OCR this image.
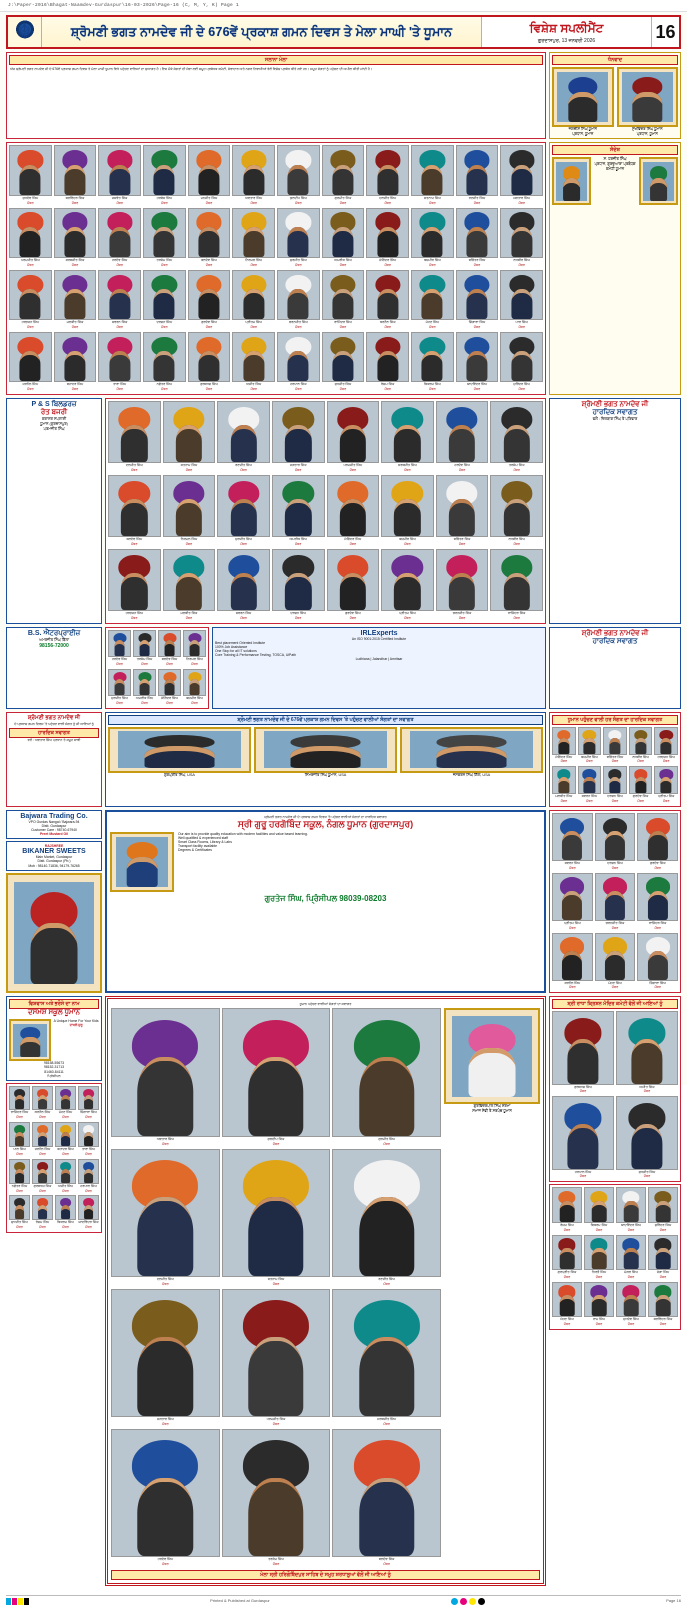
J:\Paper-2016\Bhagat-Naamdev-Gurdaspur\16-03-2026\Page-16 (C, M, Y, K) Page 1
☬
ਸ਼੍ਰੋਮਣੀ ਭਗਤ ਨਾਮਦੇਵ ਜੀ ਦੇ 676ਵੇਂ ਪ੍ਰਕਾਸ਼ ਗਮਨ ਦਿਵਸ ਤੇ ਮੇਲਾ ਮਾਘੀ 'ਤੇ ਧੂਮਾਨ	ਵਿਸ਼ੇਸ਼ ਸਪਲੀਮੈਂਟ
ਗੁਰਦਾਸਪੁਰ, 13 ਜਨਵਰੀ 2026	16
ਸਲਾਨਾ ਮੇਲਾ
ਅੱਜ ਸ਼੍ਰੋਮਣੀ ਭਗਤ ਨਾਮਦੇਵ ਜੀ ਦੇ 676ਵੇਂ ਪ੍ਰਕਾਸ਼ ਗਮਨ ਦਿਵਸ ਤੇ ਮੇਲਾ ਮਾਘੀ ਧੂਮਾਨ ਵਿਖੇ ਪਹੁੰਚਣ ਵਾਲਿਆਂ ਦਾ ਸੁਆਗਤ ਹੈ। ਇਸ ਮੌਕੇ ਸੰਗਤਾਂ ਦੀ ਸੇਵਾ ਲਈ ਸਮੂਹ ਪ੍ਰਬੰਧਕ ਕਮੇਟੀ, ਸੇਵਾਦਾਰ ਅਤੇ ਨਗਰ ਨਿਵਾਸੀਆਂ ਵੱਲੋਂ ਵਿਸ਼ੇਸ਼ ਪ੍ਰਬੰਧ ਕੀਤੇ ਗਏ ਹਨ। ਸਮੂਹ ਸੰਗਤਾਂ ਨੂੰ ਪਹੁੰਚਣ ਦੀ ਅਪੀਲ ਕੀਤੀ ਜਾਂਦੀ ਹੈ।
ਧੰਨਵਾਦ
ਜਗਦੀਸ਼ ਸਿੰਘ ਧੂਮਾਨ
ਪ੍ਰਧਾਨ, ਧੂਮਾਨ
ਸੁਖਵਿੰਦਰ ਸਿੰਘ ਧੂਮਾਨ
ਪ੍ਰਧਾਨ, ਧੂਮਾਨ
ਸੁਖਦੇਵ ਸਿੰਘ
ਮੈਂਬਰ
ਬਲਵਿੰਦਰ ਸਿੰਘ
ਮੈਂਬਰ
ਜਸਵੰਤ ਸਿੰਘ
ਮੈਂਬਰ
ਹਰਬੰਸ ਸਿੰਘ
ਮੈਂਬਰ
ਮਨਜੀਤ ਸਿੰਘ
ਮੈਂਬਰ
ਅਵਤਾਰ ਸਿੰਘ
ਮੈਂਬਰ
ਕੁਲਦੀਪ ਸਿੰਘ
ਮੈਂਬਰ
ਗੁਰਮੀਤ ਸਿੰਘ
ਮੈਂਬਰ
ਦਲਜੀਤ ਸਿੰਘ
ਮੈਂਬਰ
ਸਤਨਾਮ ਸਿੰਘ
ਮੈਂਬਰ
ਰਣਜੀਤ ਸਿੰਘ
ਮੈਂਬਰ
ਜਗਤਾਰ ਸਿੰਘ
ਮੈਂਬਰ
ਪਰਮਜੀਤ ਸਿੰਘ
ਮੈਂਬਰ
ਸਰਬਜੀਤ ਸਿੰਘ
ਮੈਂਬਰ
ਹਰਦੇਵ ਸਿੰਘ
ਮੈਂਬਰ
ਤਰਸੇਮ ਸਿੰਘ
ਮੈਂਬਰ
ਬਲਦੇਵ ਸਿੰਘ
ਮੈਂਬਰ
ਨਿਰਮਲ ਸਿੰਘ
ਮੈਂਬਰ
ਸੁਰਜੀਤ ਸਿੰਘ
ਮੈਂਬਰ
ਅਮਰੀਕ ਸਿੰਘ
ਮੈਂਬਰ
ਜੋਗਿੰਦਰ ਸਿੰਘ
ਮੈਂਬਰ
ਕਸ਼ਮੀਰ ਸਿੰਘ
ਮੈਂਬਰ
ਬਚਿੱਤਰ ਸਿੰਘ
ਮੈਂਬਰ
ਲਖਬੀਰ ਸਿੰਘ
ਮੈਂਬਰ
ਹਰਭਜਨ ਸਿੰਘ
ਮੈਂਬਰ
ਮਲਕੀਤ ਸਿੰਘ
ਮੈਂਬਰ
ਸਵਰਨ ਸਿੰਘ
ਮੈਂਬਰ
ਦਰਸ਼ਨ ਸਿੰਘ
ਮੈਂਬਰ
ਗੁਰਦੇਵ ਸਿੰਘ
ਮੈਂਬਰ
ਪ੍ਰੀਤਮ ਸਿੰਘ
ਮੈਂਬਰ
ਚਰਨਜੀਤ ਸਿੰਘ
ਮੈਂਬਰ
ਰਾਜਿੰਦਰ ਸਿੰਘ
ਮੈਂਬਰ
ਕਰਨੈਲ ਸਿੰਘ
ਮੈਂਬਰ
ਮੋਹਣ ਸਿੰਘ
ਮੈਂਬਰ
ਸ਼ਿੰਗਾਰਾ ਸਿੰਘ
ਮੈਂਬਰ
ਪਾਲ ਸਿੰਘ
ਮੈਂਬਰ
ਜਰਨੈਲ ਸਿੰਘ
ਮੈਂਬਰ
ਬਹਾਦਰ ਸਿੰਘ
ਮੈਂਬਰ
ਤਾਰਾ ਸਿੰਘ
ਮੈਂਬਰ
ਨਛੱਤਰ ਸਿੰਘ
ਮੈਂਬਰ
ਗੁਰਬਖਸ਼ ਸਿੰਘ
ਮੈਂਬਰ
ਅਜੀਤ ਸਿੰਘ
ਮੈਂਬਰ
ਹਰਪਾਲ ਸਿੰਘ
ਮੈਂਬਰ
ਸੁਖਜੀਤ ਸਿੰਘ
ਮੈਂਬਰ
ਰੇਸ਼ਮ ਸਿੰਘ
ਮੈਂਬਰ
ਬਿਕਰਮ ਸਿੰਘ
ਮੈਂਬਰ
ਯਾਦਵਿੰਦਰ ਸਿੰਘ
ਮੈਂਬਰ
ਸੁਰਿੰਦਰ ਸਿੰਘ
ਮੈਂਬਰ
ਸੰਦੇਸ਼
ਸ. ਹਰਜੀਤ ਸਿੰਘ
ਪ੍ਰਧਾਨ, ਗੁਰਦੁਆਰਾ ਪ੍ਰਬੰਧਕ ਕਮੇਟੀ ਧੂਮਾਨ
P & S ਬਿਲਡਰਜ਼
ਰੇਤ ਬਜਰੀ
ਕਰਾਸ਼ਰ ਸਪਲਾਈ
ਧੂਮਾਨ (ਗੁਰਦਾਸਪੁਰ)
ਪਰਮਜੀਤ ਸਿੰਘ
ਦਲਜੀਤ ਸਿੰਘ
ਮੈਂਬਰ
ਸਤਨਾਮ ਸਿੰਘ
ਮੈਂਬਰ
ਰਣਜੀਤ ਸਿੰਘ
ਮੈਂਬਰ
ਜਗਤਾਰ ਸਿੰਘ
ਮੈਂਬਰ
ਪਰਮਜੀਤ ਸਿੰਘ
ਮੈਂਬਰ
ਸਰਬਜੀਤ ਸਿੰਘ
ਮੈਂਬਰ
ਹਰਦੇਵ ਸਿੰਘ
ਮੈਂਬਰ
ਤਰਸੇਮ ਸਿੰਘ
ਮੈਂਬਰ
ਬਲਦੇਵ ਸਿੰਘ
ਮੈਂਬਰ
ਨਿਰਮਲ ਸਿੰਘ
ਮੈਂਬਰ
ਸੁਰਜੀਤ ਸਿੰਘ
ਮੈਂਬਰ
ਅਮਰੀਕ ਸਿੰਘ
ਮੈਂਬਰ
ਜੋਗਿੰਦਰ ਸਿੰਘ
ਮੈਂਬਰ
ਕਸ਼ਮੀਰ ਸਿੰਘ
ਮੈਂਬਰ
ਬਚਿੱਤਰ ਸਿੰਘ
ਮੈਂਬਰ
ਲਖਬੀਰ ਸਿੰਘ
ਮੈਂਬਰ
ਹਰਭਜਨ ਸਿੰਘ
ਮੈਂਬਰ
ਮਲਕੀਤ ਸਿੰਘ
ਮੈਂਬਰ
ਸਵਰਨ ਸਿੰਘ
ਮੈਂਬਰ
ਦਰਸ਼ਨ ਸਿੰਘ
ਮੈਂਬਰ
ਗੁਰਦੇਵ ਸਿੰਘ
ਮੈਂਬਰ
ਪ੍ਰੀਤਮ ਸਿੰਘ
ਮੈਂਬਰ
ਚਰਨਜੀਤ ਸਿੰਘ
ਮੈਂਬਰ
ਰਾਜਿੰਦਰ ਸਿੰਘ
ਮੈਂਬਰ
ਸ਼੍ਰੋਮਣੀ ਭਗਤ ਨਾਮਦੇਵ ਜੀ
ਹਾਰਦਿਕ ਸਵਾਗਤ
ਵਲੋਂ : ਦਿਲਬਾਗ ਸਿੰਘ ਤੇ ਪਰਿਵਾਰ
B.S. ਐਂਟਰਪ੍ਰਾਈਜ਼
ਅਮਰਜੀਤ ਸਿੰਘ ਬਿੱਲਾ
98156-72000
ਹਰਦੇਵ ਸਿੰਘ
ਮੈਂਬਰ
ਤਰਸੇਮ ਸਿੰਘ
ਮੈਂਬਰ
ਬਲਦੇਵ ਸਿੰਘ
ਮੈਂਬਰ
ਨਿਰਮਲ ਸਿੰਘ
ਮੈਂਬਰ
ਸੁਰਜੀਤ ਸਿੰਘ
ਮੈਂਬਰ
ਅਮਰੀਕ ਸਿੰਘ
ਮੈਂਬਰ
ਜੋਗਿੰਦਰ ਸਿੰਘ
ਮੈਂਬਰ
ਕਸ਼ਮੀਰ ਸਿੰਘ
ਮੈਂਬਰ
IRLExperts
An ISO 9001:2015 Certified Institute
Best placement Oriented Institute
100% Job Assistance
One Stop for all IT solutions
Core Training & Performance Testing, TOSCA, UiPath
Ludhiana | Jalandhar | Amritsar
ਸ਼੍ਰੋਮਣੀ ਭਗਤ ਨਾਮਦੇਵ ਜੀ
ਹਾਰਦਿਕ ਸਵਾਗਤ
ਸ਼੍ਰੋਮਣੀ ਭਗਤ ਨਾਮਦੇਵ ਜੀ
ਦੇ ਪ੍ਰਕਾਸ਼ ਗਮਨ ਦਿਵਸ 'ਤੇ ਪਹੁੰਚਣ ਵਾਲੀ ਸੰਗਤ ਨੂੰ ਜੀ ਆਇਆਂ ਨੂੰ
ਹਾਰਦਿਕ ਸਵਾਗਤ
ਵਲੋਂ : ਅਵਤਾਰ ਸਿੰਘ ਪ੍ਰਧਾਨ ਤੇ ਸਮੂਹ ਸਾਥੀ
ਸ਼੍ਰੋਮਣੀ ਭਗਤ ਨਾਮਦੇਵ ਜੀ ਦੇ 676ਵੇਂ ਪ੍ਰਕਾਸ਼ ਗਮਨ ਦਿਵਸ 'ਤੇ ਪਹੁੰਚਣ ਵਾਲੀਆਂ ਸੰਗਤਾਂ ਦਾ ਸਵਾਗਤ
ਗੁਰਪ੍ਰੀਤ ਸਿੰਘ, USA	ਸਿਮਰਜੀਤ ਸਿੰਘ ਧੂਮਾਨ, USA	ਜਸਕਰਨ ਸਿੰਘ ਗਿੱਲ, USA
ਧੂਮਾਨ ਪਹੁੰਚਣ ਵਾਲੀ ਹਰ ਸੰਗਤ ਦਾ ਹਾਰਦਿਕ ਸਵਾਗਤ
ਜੋਗਿੰਦਰ ਸਿੰਘ
ਮੈਂਬਰ
ਕਸ਼ਮੀਰ ਸਿੰਘ
ਮੈਂਬਰ
ਬਚਿੱਤਰ ਸਿੰਘ
ਮੈਂਬਰ
ਲਖਬੀਰ ਸਿੰਘ
ਮੈਂਬਰ
ਹਰਭਜਨ ਸਿੰਘ
ਮੈਂਬਰ
ਮਲਕੀਤ ਸਿੰਘ
ਮੈਂਬਰ
ਸਵਰਨ ਸਿੰਘ
ਮੈਂਬਰ
ਦਰਸ਼ਨ ਸਿੰਘ
ਮੈਂਬਰ
ਗੁਰਦੇਵ ਸਿੰਘ
ਮੈਂਬਰ
ਪ੍ਰੀਤਮ ਸਿੰਘ
ਮੈਂਬਰ
Bajwara Trading Co.
VPO Gurdas Nangal / Bajwara-94
Distt. Gurdaspur
Customer Care : 98740-67940
Preet Mustard Oil
RAJSHREE
BIKANER SWEETS
Main Market, Gurdaspur
Distt. Gurdaspur (Pb.)
Mob : 98140-71836, 94179-76265
ਸ਼੍ਰੋਮਣੀ ਭਗਤ ਨਾਮਦੇਵ ਜੀ ਦੇ ਪ੍ਰਕਾਸ਼ ਗਮਨ ਦਿਵਸ 'ਤੇ ਪਹੁੰਚਣ ਵਾਲੀਆਂ ਸੰਗਤਾਂ ਦਾ ਹਾਰਦਿਕ ਸਵਾਗਤ
ਸ੍ਰੀ ਗੁਰੂ ਹਰਗੋਬਿੰਦ ਸਕੂਲ, ਨੰਗਲ ਧੂਮਾਨ (ਗੁਰਦਾਸਪੁਰ)
Our aim is to provide quality education with modern facilities and value based learning.
Well qualified & experienced staff
Smart Class Rooms, Library & Labs
Transport facility available
Degrees & Certificates
ਗੁਰਤੇਜ ਸਿੰਘ, ਪ੍ਰਿੰਸੀਪਲ 98039-08203
ਸਵਰਨ ਸਿੰਘ
ਮੈਂਬਰ
ਦਰਸ਼ਨ ਸਿੰਘ
ਮੈਂਬਰ
ਗੁਰਦੇਵ ਸਿੰਘ
ਮੈਂਬਰ
ਪ੍ਰੀਤਮ ਸਿੰਘ
ਮੈਂਬਰ
ਚਰਨਜੀਤ ਸਿੰਘ
ਮੈਂਬਰ
ਰਾਜਿੰਦਰ ਸਿੰਘ
ਮੈਂਬਰ
ਕਰਨੈਲ ਸਿੰਘ
ਮੈਂਬਰ
ਮੋਹਣ ਸਿੰਘ
ਮੈਂਬਰ
ਸ਼ਿੰਗਾਰਾ ਸਿੰਘ
ਮੈਂਬਰ
ਵਿਸ਼ਵਾਸ ਅਤੇ ਭਰੋਸੇ ਦਾ ਨਾਮ
ਦਸਮੇਸ਼ ਸਕੂਲ ਧੂਮਾਨ
A Unique Home For Your Kids
ਦਾਖਲੇ ਸ਼ੁਰੂ
98158-55673
98152-31713
81460-84111
ਪ੍ਰਿੰਸੀਪਲ
ਰਾਜਿੰਦਰ ਸਿੰਘ
ਮੈਂਬਰ
ਕਰਨੈਲ ਸਿੰਘ
ਮੈਂਬਰ
ਮੋਹਣ ਸਿੰਘ
ਮੈਂਬਰ
ਸ਼ਿੰਗਾਰਾ ਸਿੰਘ
ਮੈਂਬਰ
ਪਾਲ ਸਿੰਘ
ਮੈਂਬਰ
ਜਰਨੈਲ ਸਿੰਘ
ਮੈਂਬਰ
ਬਹਾਦਰ ਸਿੰਘ
ਮੈਂਬਰ
ਤਾਰਾ ਸਿੰਘ
ਮੈਂਬਰ
ਨਛੱਤਰ ਸਿੰਘ
ਮੈਂਬਰ
ਗੁਰਬਖਸ਼ ਸਿੰਘ
ਮੈਂਬਰ
ਅਜੀਤ ਸਿੰਘ
ਮੈਂਬਰ
ਹਰਪਾਲ ਸਿੰਘ
ਮੈਂਬਰ
ਸੁਖਜੀਤ ਸਿੰਘ
ਮੈਂਬਰ
ਰੇਸ਼ਮ ਸਿੰਘ
ਮੈਂਬਰ
ਬਿਕਰਮ ਸਿੰਘ
ਮੈਂਬਰ
ਯਾਦਵਿੰਦਰ ਸਿੰਘ
ਮੈਂਬਰ
ਧੂਮਾਨ ਪਹੁੰਚਣ ਵਾਲੀਆਂ ਸੰਗਤਾਂ ਦਾ ਸਵਾਗਤ
ਅਵਤਾਰ ਸਿੰਘ
ਮੈਂਬਰ
ਕੁਲਦੀਪ ਸਿੰਘ
ਮੈਂਬਰ
ਗੁਰਮੀਤ ਸਿੰਘ
ਮੈਂਬਰ
ਦਲਜੀਤ ਸਿੰਘ
ਮੈਂਬਰ
ਸਤਨਾਮ ਸਿੰਘ
ਮੈਂਬਰ
ਰਣਜੀਤ ਸਿੰਘ
ਮੈਂਬਰ
ਜਗਤਾਰ ਸਿੰਘ
ਮੈਂਬਰ
ਪਰਮਜੀਤ ਸਿੰਘ
ਮੈਂਬਰ
ਸਰਬਜੀਤ ਸਿੰਘ
ਮੈਂਬਰ
ਹਰਦੇਵ ਸਿੰਘ
ਮੈਂਬਰ
ਤਰਸੇਮ ਸਿੰਘ
ਮੈਂਬਰ
ਬਲਦੇਵ ਸਿੰਘ
ਮੈਂਬਰ
ਗੁਰਵਿੰਦਰਪਾਲ ਸਿੰਘ ਸ਼ਰਮਾ
ਸਮਾਜ ਸੇਵੀ ਤੇ ਸਰਪੰਚ ਧੂਮਾਨ
ਮੇਲਾ ਸ੍ਰੀ ਹਰਿਗੋਬਿੰਦਪੁਰ ਸਾਹਿਬ ਦੇ ਸਮੂਹ ਸ਼ਰਧਾਲੂਆਂ ਵੱਲੋਂ ਜੀ ਆਇਆਂ ਨੂੰ
ਸ਼੍ਰੀ ਰਾਧਾ ਕ੍ਰਿਸ਼ਨ ਮੰਦਿਰ ਕਮੇਟੀ ਵੱਲੋਂ ਜੀ ਆਇਆਂ ਨੂੰ
ਗੁਰਬਖਸ਼ ਸਿੰਘ
ਮੈਂਬਰ
ਅਜੀਤ ਸਿੰਘ
ਮੈਂਬਰ
ਹਰਪਾਲ ਸਿੰਘ
ਮੈਂਬਰ
ਸੁਖਜੀਤ ਸਿੰਘ
ਮੈਂਬਰ
ਰੇਸ਼ਮ ਸਿੰਘ
ਮੈਂਬਰ
ਬਿਕਰਮ ਸਿੰਘ
ਮੈਂਬਰ
ਯਾਦਵਿੰਦਰ ਸਿੰਘ
ਮੈਂਬਰ
ਸੁਰਿੰਦਰ ਸਿੰਘ
ਮੈਂਬਰ
ਗੁਰਪ੍ਰੀਤ ਸਿੰਘ
ਮੈਂਬਰ
ਨਿਰਭੈ ਸਿੰਘ
ਮੈਂਬਰ
ਮੰਗਲ ਸਿੰਘ
ਮੈਂਬਰ
ਜੋਗਾ ਸਿੰਘ
ਮੈਂਬਰ
ਸੋਹਣ ਸਿੰਘ
ਮੈਂਬਰ
ਰਾਮ ਸਿੰਘ
ਮੈਂਬਰ
ਸੁਖਦੇਵ ਸਿੰਘ
ਮੈਂਬਰ
ਬਲਵਿੰਦਰ ਸਿੰਘ
ਮੈਂਬਰ
Printed & Published at Gurdaspur	Page 16
